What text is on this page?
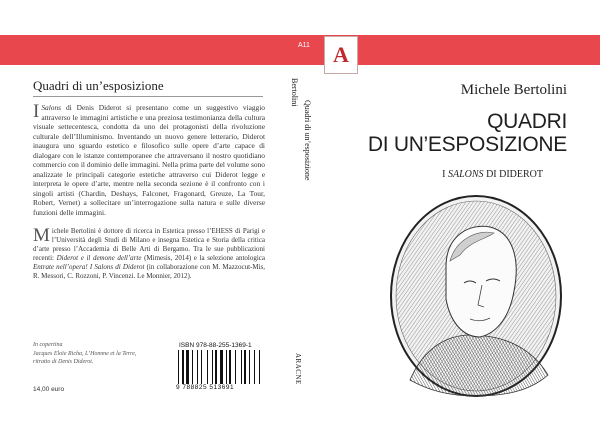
A11 A
Quadri di un’esposizione

I Salons di Denis Diderot si presentano come un suggestivo viaggio attraverso le immagini artistiche e una preziosa testimonianza della cultura visuale settecentesca, condotta da uno dei protagonisti della rivoluzione culturale dell’Illuminismo. Inventando un nuovo genere letterario, Diderot inaugura uno sguardo estetico e filosofico sulle opere d’arte capace di dialogare con le istanze contemporanee che attraversano il nostro quotidiano commercio con il dominio delle immagini. Nella prima parte del volume sono analizzate le principali categorie estetiche attraverso cui Diderot legge e interpreta le opere d’arte, mentre nella seconda sezione è il confronto con i singoli artisti (Chardin, Deshays, Falconet, Fragonard, Greuze, La Tour, Robert, Vernet) a sollecitare un’interrogazione sulla natura e sulle diverse funzioni delle immagini.

Michele Bertolini è dottore di ricerca in Estetica presso l’EHESS di Parigi e l’Università degli Studi di Milano e insegna Estetica e Storia della critica d’arte presso l’Accademia di Belle Arti di Bergamo. Tra le sue pubblicazioni recenti: Diderot e il demone dell’arte (Mimesis, 2014) e la selezione antologica Entrate nell’opera! I Salons di Diderot (in collaborazione con M. Mazzocut-Mis, R. Messori, C. Rozzoni, P. Vincenzi. Le Monnier, 2012).

In copertina
Jacques Eloïe Richa, L’Homme et la Terre, ritratto di Denis Diderot.
14,00 euro
ISBN 978-88-255-1369-1
9 788825 513691
Bertolini
Quadri di un’esposizione
ARACNE
Michele Bertolini
QUADRI
DI UN’ESPOSIZIONE
I SALONS DI DIDEROT
